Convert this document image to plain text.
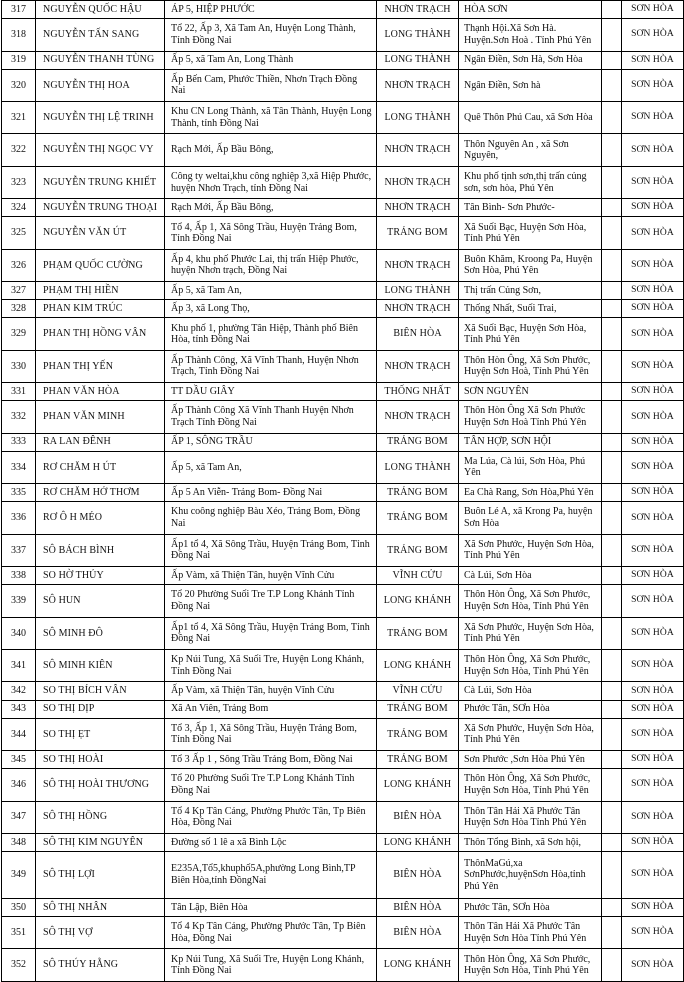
317	NGUYỄN QUỐC HẬU	ÁP 5, HIỆP PHƯỚC	NHƠN TRẠCH	HÒA SƠN		SƠN HÒA
318	NGUYỄN TẤN SANG	Tổ 22, Ấp 3, Xã Tam An, Huyện Long Thành, Tỉnh Đồng Nai	LONG THÀNH	Thạnh Hội.Xã Sơn Hà. Huyện.Sơn Hoà . Tỉnh Phú Yên		SƠN HÒA
319	NGUYỄN THANH TÙNG	Ấp 5, xã Tam An, Long Thành	LONG THÀNH	Ngân Điền, Sơn Hà, Sơn Hòa		SƠN HÒA
320	NGUYỄN THỊ HOA	Ấp Bến Cam, Phước Thiền, Nhơn Trạch Đồng Nai	NHƠN TRẠCH	Ngân Điền, Sơn hà		SƠN HÒA
321	NGUYỄN THỊ LỆ TRINH	Khu CN Long Thành, xã Tân Thành, Huyện Long Thành, tỉnh Đồng Nai	LONG THÀNH	Quê Thôn Phú Cau, xã Sơn Hòa		SƠN HÒA
322	NGUYỄN THỊ NGỌC VY	Rạch Mới, Ấp Bầu Bông,	NHƠN TRẠCH	Thôn Nguyên An , xã Sơn Nguyên,		SƠN HÒA
323	NGUYỄN TRUNG KHIẾT	Công ty weltai,khu công nghiệp 3,xã Hiệp Phước, huyện Nhơn Trạch, tỉnh Đồng Nai	NHƠN TRẠCH	Khu phố tịnh sơn,thị trấn củng sơn, sơn hòa, Phú Yên		SƠN HÒA
324	NGUYỄN TRUNG THOẠI	Rạch Mới, Ấp Bầu Bông,	NHƠN TRẠCH	Tân Bình- Sơn Phước-		SƠN HÒA
325	NGUYỄN VĂN ÚT	Tổ 4, Ấp 1, Xã Sông Trầu, Huyện Trảng Bom, Tỉnh Đồng Nai	TRẢNG BOM	Xã Suối Bạc, Huyện Sơn Hòa, Tỉnh Phú Yên		SƠN HÒA
326	PHẠM QUỐC CƯỜNG	Ấp 4, khu phố Phước Lai, thị trấn Hiệp Phước, huyện Nhơn trạch, Đồng Nai	NHƠN TRẠCH	Buôn Khăm, Kroong Pa, Huyện Sơn Hòa, Phú Yên		SƠN HÒA
327	PHẠM THỊ HIỀN	Ấp 5, xã Tam An,	LONG THÀNH	Thị trấn Củng Sơn,		SƠN HÒA
328	PHAN KIM TRÚC	Ấp 3, xã Long Thọ,	NHƠN TRẠCH	Thống Nhất, Suối Trai,		SƠN HÒA
329	PHAN THỊ HỒNG VÂN	Khu phố 1, phường Tân Hiệp, Thành phố Biên Hòa, tỉnh Đồng Nai	BIÊN HÒA	Xã Suối Bạc, Huyện Sơn Hòa, Tỉnh Phú Yên		SƠN HÒA
330	PHAN THỊ YẾN	Ấp Thành Công, Xã Vĩnh Thanh, Huyện Nhơn Trạch, Tỉnh Đồng Nai	NHƠN TRẠCH	Thôn Hòn Ông, Xã Sơn Phước, Huyện Sơn Hoà, Tỉnh Phú Yên		SƠN HÒA
331	PHAN VĂN HÒA	TT DẦU GIÂY	THỐNG NHẤT	SƠN NGUYÊN		SƠN HÒA
332	PHAN VĂN MINH	Ấp Thành Công Xã Vĩnh Thanh Huyện Nhơn Trạch Tỉnh Đồng Nai	NHƠN TRẠCH	Thôn Hòn Ông Xã Sơn Phước Huyện Sơn Hoà Tỉnh Phú Yên		SƠN HÒA
333	RA LAN ĐÊNH	ẤP 1, SÔNG TRẦU	TRẢNG BOM	TÂN HỢP, SƠN HỘI		SƠN HÒA
334	RƠ CHĂM H ÚT	Ấp 5, xã Tam An,	LONG THÀNH	Ma Lúa, Cà lúi, Sơn Hòa, Phú Yên		SƠN HÒA
335	RƠ CHĂM HỞ THƠM	Ấp 5 An Viễn- Trảng Bom- Đồng Nai	TRẢNG BOM	Ea Chà Rang, Sơn Hòa,Phú Yên		SƠN HÒA
336	RƠ Ô H MÉO	Khu coông nghiệp Bàu Xéo, Trảng Bom, Đồng Nai	TRẢNG BOM	Buôn Lé A, xã Krong Pa, huyện Sơn Hòa		SƠN HÒA
337	SÔ BÁCH BÌNH	Ấp1 tổ 4, Xã Sông Trầu, Huyện Trảng Bom, Tỉnh Đồng Nai	TRẢNG BOM	Xã Sơn Phước, Huyện Sơn Hòa, Tỉnh Phú Yên		SƠN HÒA
338	SO HỜ THỦY	Ấp Vàm, xã Thiện Tân, huyện Vĩnh Cửu	VĨNH CỬU	Cà Lúi, Sơn Hòa		SƠN HÒA
339	SÔ HUN	Tổ 20 Phường Suối Tre T.P Long Khánh Tỉnh Đồng Nai	LONG KHÁNH	Thôn Hòn Ông, Xã Sơn Phước, Huyện Sơn Hòa, Tỉnh Phú Yên		SƠN HÒA
340	SÔ MINH ĐÔ	Ấp1 tổ 4, Xã Sông Trầu, Huyện Trảng Bom, Tỉnh Đồng Nai	TRẢNG BOM	Xã Sơn Phước, Huyện Sơn Hòa, Tỉnh Phú Yên		SƠN HÒA
341	SÔ MINH KIÊN	Kp Núi Tung, Xã Suối Tre, Huyện Long Khánh, Tỉnh Đồng Nai	LONG KHÁNH	Thôn Hòn Ông, Xã Sơn Phước, Huyện Sơn Hòa, Tỉnh Phú Yên		SƠN HÒA
342	SO THỊ BÍCH VÂN	Ấp Vàm, xã Thiện Tân, huyện Vĩnh Cửu	VĨNH CỬU	Cà Lúi, Sơn Hòa		SƠN HÒA
343	SO THỊ DỊP	Xã An Viên, Trảng Bom	TRẢNG BOM	Phước Tân, SƠn Hòa		SƠN HÒA
344	SO THỊ ẸT	Tổ 3, Ấp 1, Xã Sông Trầu, Huyện Trảng Bom, Tỉnh Đồng Nai	TRẢNG BOM	Xã Sơn Phước, Huyện Sơn Hòa, Tỉnh Phú Yên		SƠN HÒA
345	SO THỊ HOÀI	Tổ 3 Ấp 1 , Sông Trầu Trảng Bom, Đồng Nai	TRẢNG BOM	Sơn Phước ,Sơn Hòa Phú Yên		SƠN HÒA
346	SÔ THỊ HOÀI THƯƠNG	Tổ 20 Phường Suối Tre T.P Long Khánh Tỉnh Đồng Nai	LONG KHÁNH	Thôn Hòn Ông, Xã Sơn Phước, Huyện Sơn Hòa, Tỉnh Phú Yên		SƠN HÒA
347	SÔ THỊ HỒNG	Tổ 4 Kp Tân Cảng, Phường Phước Tân, Tp Biên Hòa, Đồng Nai	BIÊN HÒA	Thôn Tân Hải Xã Phước Tân Huyện Sơn Hòa Tỉnh Phú Yên		SƠN HÒA
348	SÔ THỊ KIM NGUYÊN	Đường số 1 lê a xã Bình Lộc	LONG KHÁNH	Thôn Tổng Bình, xã Sơn hội,		SƠN HÒA
349	SÔ THỊ LỢI	E235A,Tổ5,khuphố5A,phường Long Bình,TP Biên Hòa,tỉnh ĐồngNai	BIÊN HÒA	ThônMaGú,xa SơnPhước,huyệnSơn Hòa,tỉnh Phú Yên		SƠN HÒA
350	SÔ THỊ NHÂN	Tân Lập, Biên Hòa	BIÊN HÒA	Phước Tân, SƠn Hòa		SƠN HÒA
351	SÔ THỊ VỢ	Tổ 4 Kp Tân Cảng, Phường Phước Tân, Tp Biên Hòa, Đồng Nai	BIÊN HÒA	Thôn Tân Hải Xã Phước Tân Huyện Sơn Hòa Tỉnh Phú Yên		SƠN HÒA
352	SÔ THÚY HẰNG	Kp Núi Tung, Xã Suối Tre, Huyện Long Khánh, Tỉnh Đồng Nai	LONG KHÁNH	Thôn Hòn Ông, Xã Sơn Phước, Huyện Sơn Hòa, Tỉnh Phú Yên		SƠN HÒA
